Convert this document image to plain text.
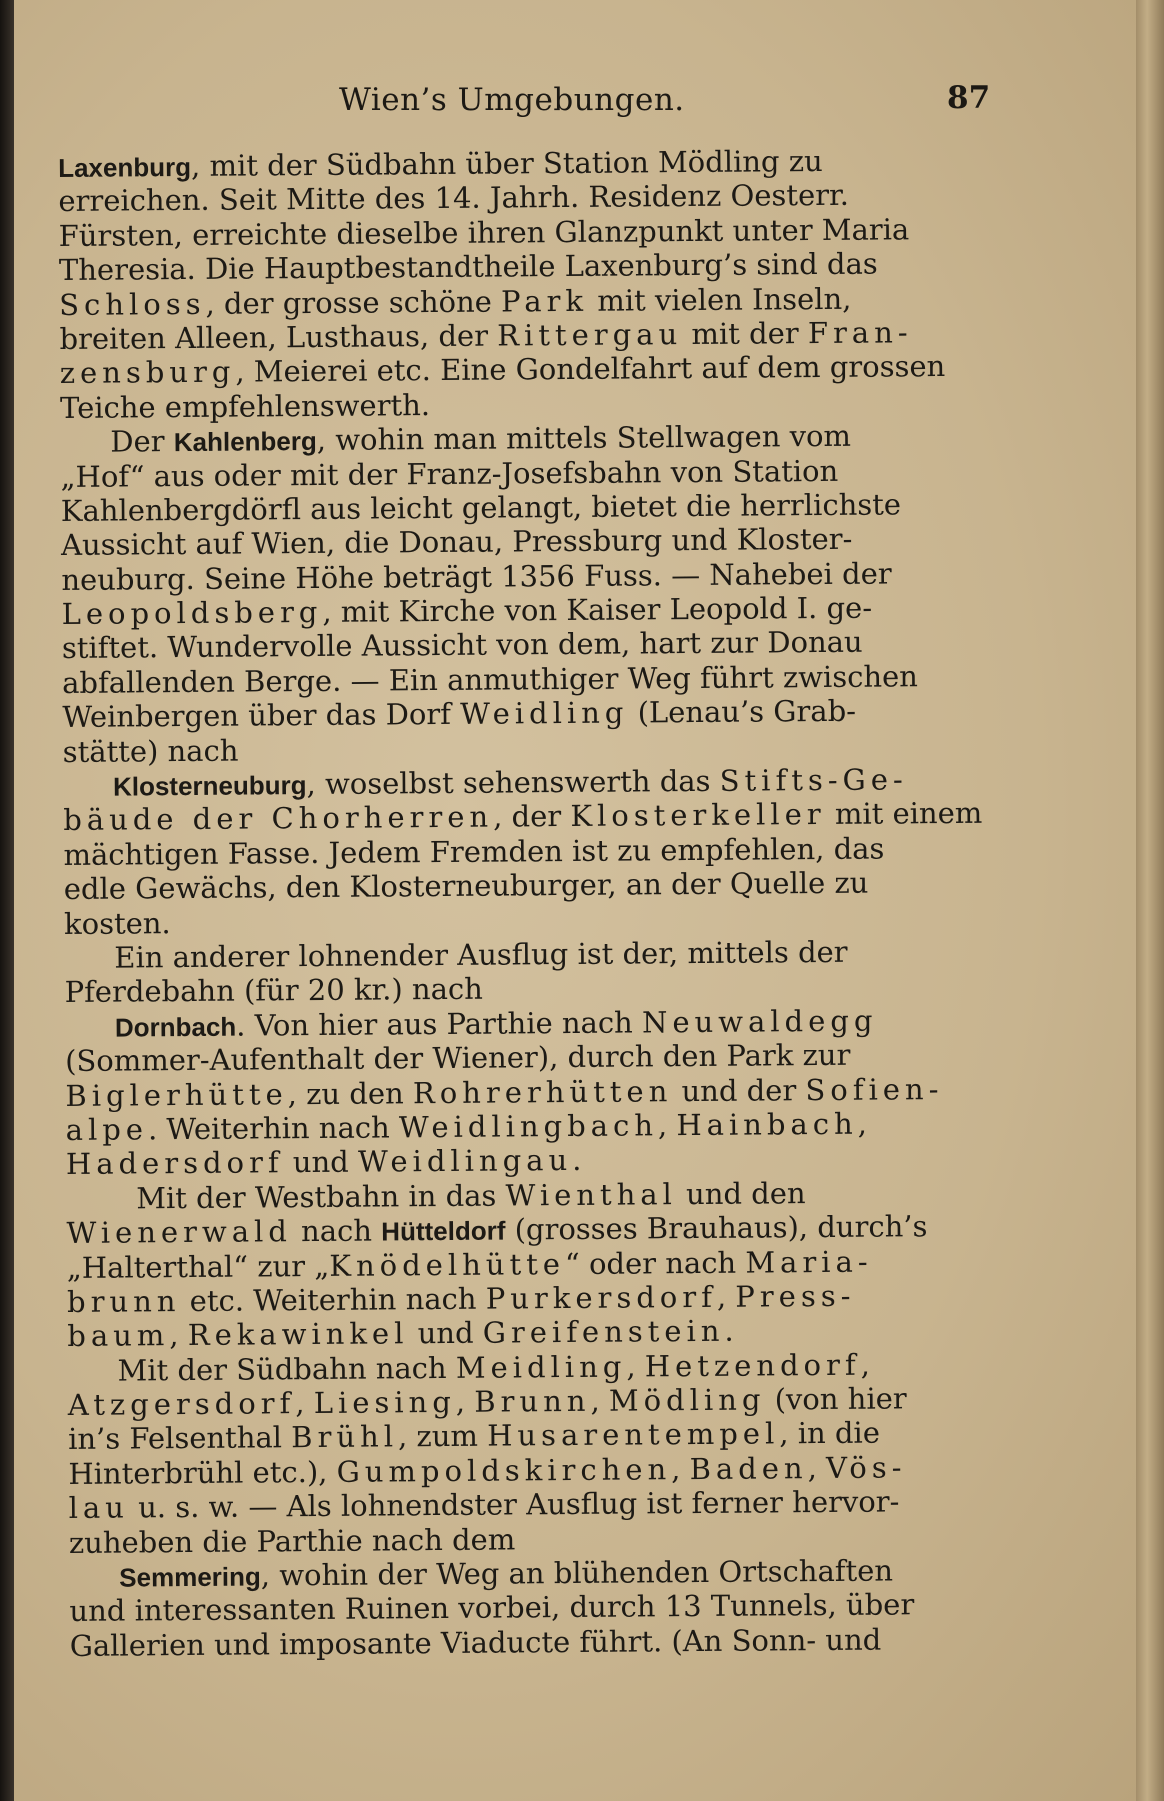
Wien’s Umgebungen.	87
Laxenburg, mit der Südbahn über Station Mödling zu
erreichen. Seit Mitte des 14. Jahrh. Residenz Oesterr.
Fürsten, erreichte dieselbe ihren Glanzpunkt unter Maria
Theresia. Die Hauptbestandtheile Laxenburg’s sind das
Schloss, der grosse schöne Park mit vielen Inseln,
breiten Alleen, Lusthaus, der Rittergau mit der Fran-
zensburg, Meierei etc. Eine Gondelfahrt auf dem grossen
Teiche empfehlenswerth.
Der Kahlenberg, wohin man mittels Stellwagen vom
„Hof“ aus oder mit der Franz-Josefsbahn von Station
Kahlenbergdörfl aus leicht gelangt, bietet die herrlichste
Aussicht auf Wien, die Donau, Pressburg und Kloster-
neuburg. Seine Höhe beträgt 1356 Fuss. — Nahebei der
Leopoldsberg, mit Kirche von Kaiser Leopold I. ge-
stiftet. Wundervolle Aussicht von dem, hart zur Donau
abfallenden Berge. — Ein anmuthiger Weg führt zwischen
Weinbergen über das Dorf Weidling (Lenau’s Grab-
stätte) nach
Klosterneuburg, woselbst sehenswerth das Stifts-Ge-
bäude der Chorherren, der Klosterkeller mit einem
mächtigen Fasse. Jedem Fremden ist zu empfehlen, das
edle Gewächs, den Klosterneuburger, an der Quelle zu
kosten.
Ein anderer lohnender Ausflug ist der, mittels der
Pferdebahn (für 20 kr.) nach
Dornbach. Von hier aus Parthie nach Neuwaldegg
(Sommer-Aufenthalt der Wiener), durch den Park zur
Biglerhütte, zu den Rohrerhütten und der Sofien-
alpe. Weiterhin nach Weidlingbach, Hainbach,
Hadersdorf und Weidlingau.
Mit der Westbahn in das Wienthal und den
Wienerwald nach Hütteldorf (grosses Brauhaus), durch’s
„Halterthal“ zur „Knödelhütte“ oder nach Maria-
brunn etc. Weiterhin nach Purkersdorf, Press-
baum, Rekawinkel und Greifenstein.
Mit der Südbahn nach Meidling, Hetzendorf,
Atzgersdorf, Liesing, Brunn, Mödling (von hier
in’s Felsenthal Brühl, zum Husarentempel, in die
Hinterbrühl etc.), Gumpoldskirchen, Baden, Vös-
lau u. s. w. — Als lohnendster Ausflug ist ferner hervor-
zuheben die Parthie nach dem
Semmering, wohin der Weg an blühenden Ortschaften
und interessanten Ruinen vorbei, durch 13 Tunnels, über
Gallerien und imposante Viaducte führt. (An Sonn- und
